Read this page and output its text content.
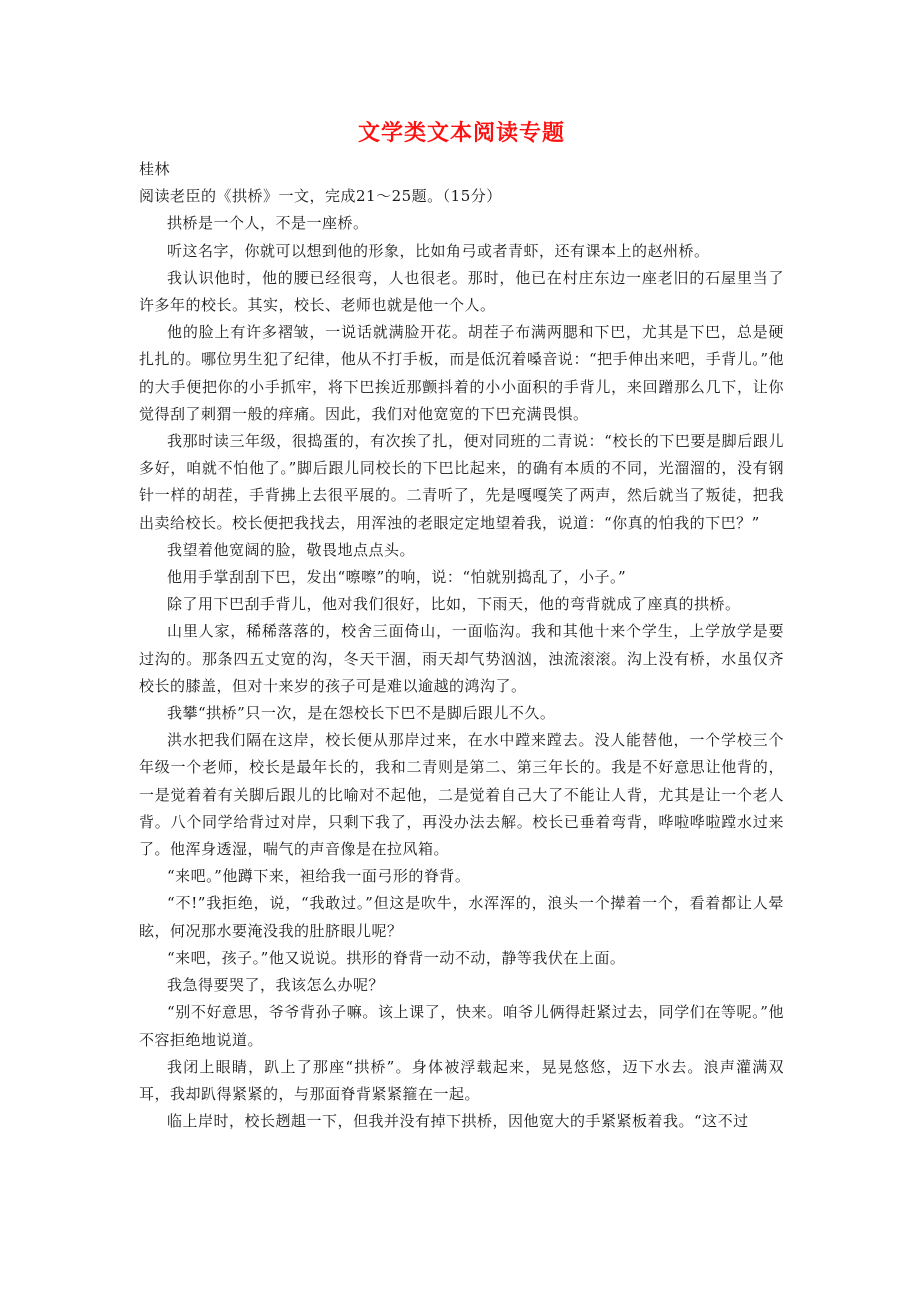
文学类文本阅读专题

桂林

阅读老臣的《拱桥》一文，完成21～25题。（15分）

拱桥是一个人，不是一座桥。

听这名字，你就可以想到他的形象，比如角弓或者青虾，还有课本上的赵州桥。

我认识他时，他的腰已经很弯，人也很老。那时，他已在村庄东边一座老旧的石屋里当了许多年的校长。其实，校长、老师也就是他一个人。

他的脸上有许多褶皱，一说话就满脸开花。胡茬子布满两腮和下巴，尤其是下巴，总是硬扎扎的。哪位男生犯了纪律，他从不打手板，而是低沉着嗓音说：“把手伸出来吧，手背儿。”他的大手便把你的小手抓牢，将下巴挨近那颤抖着的小小面积的手背儿，来回蹭那么几下，让你觉得刮了刺猬一般的痒痛。因此，我们对他宽宽的下巴充满畏惧。

我那时读三年级，很捣蛋的，有次挨了扎，便对同班的二青说：“校长的下巴要是脚后跟儿多好，咱就不怕他了。”脚后跟儿同校长的下巴比起来，的确有本质的不同，光溜溜的，没有钢针一样的胡茬，手背拂上去很平展的。二青听了，先是嘎嘎笑了两声，然后就当了叛徒，把我出卖给校长。校长便把我找去，用浑浊的老眼定定地望着我，说道：“你真的怕我的下巴？”

我望着他宽阔的脸，敬畏地点点头。

他用手掌刮刮下巴，发出“嚓嚓”的响，说：“怕就别捣乱了，小子。”

除了用下巴刮手背儿，他对我们很好，比如，下雨天，他的弯背就成了座真的拱桥。

山里人家，稀稀落落的，校舍三面倚山，一面临沟。我和其他十来个学生，上学放学是要过沟的。那条四五丈宽的沟，冬天干涸，雨天却气势汹汹，浊流滚滚。沟上没有桥，水虽仅齐校长的膝盖，但对十来岁的孩子可是难以逾越的鸿沟了。

我攀“拱桥”只一次，是在怨校长下巴不是脚后跟儿不久。

洪水把我们隔在这岸，校长便从那岸过来，在水中蹚来蹚去。没人能替他，一个学校三个年级一个老师，校长是最年长的，我和二青则是第二、第三年长的。我是不好意思让他背的，一是觉着着有关脚后跟儿的比喻对不起他，二是觉着自己大了不能让人背，尤其是让一个老人背。八个同学给背过对岸，只剩下我了，再没办法去解。校长已垂着弯背，哗啦哗啦蹚水过来了。他浑身透湿，喘气的声音像是在拉风箱。

“来吧。”他蹲下来，袒给我一面弓形的脊背。

“不!”我拒绝，说，“我敢过。”但这是吹牛，水浑浑的，浪头一个撵着一个，看着都让人晕眩，何况那水要淹没我的肚脐眼儿呢？

“来吧，孩子。”他又说说。拱形的脊背一动不动，静等我伏在上面。

我急得要哭了，我该怎么办呢？

“别不好意思，爷爷背孙子嘛。该上课了，快来。咱爷儿俩得赶紧过去，同学们在等呢。”他不容拒绝地说道。

我闭上眼睛，趴上了那座“拱桥”。身体被浮载起来，晃晃悠悠，迈下水去。浪声灌满双耳，我却趴得紧紧的，与那面脊背紧紧箍在一起。

临上岸时，校长趔趄一下，但我并没有掉下拱桥，因他宽大的手紧紧板着我。“这不过
